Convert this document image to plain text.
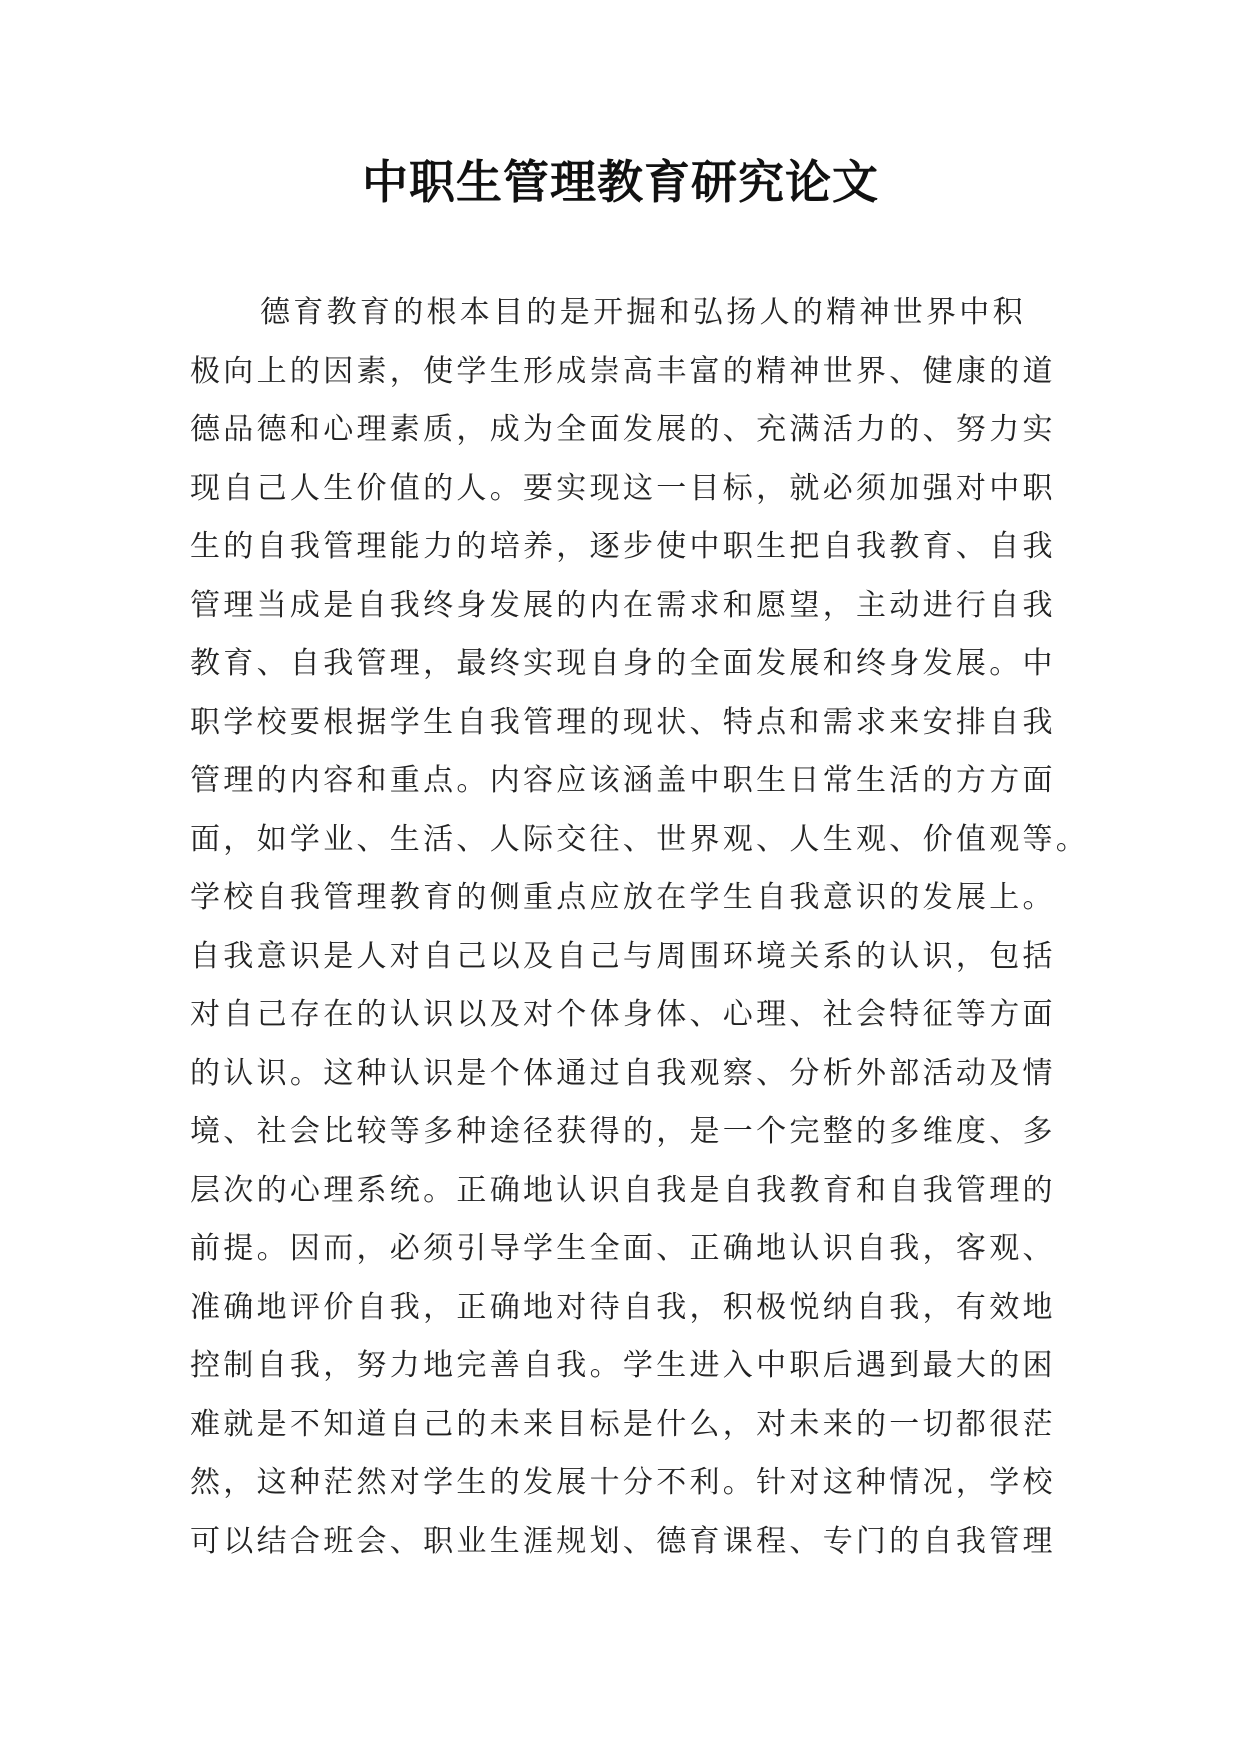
中职生管理教育研究论文
德育教育的根本目的是开掘和弘扬人的精神世界中积
极向上的因素，使学生形成崇高丰富的精神世界、健康的道
德品德和心理素质，成为全面发展的、充满活力的、努力实
现自己人生价值的人。要实现这一目标，就必须加强对中职
生的自我管理能力的培养，逐步使中职生把自我教育、自我
管理当成是自我终身发展的内在需求和愿望，主动进行自我
教育、自我管理，最终实现自身的全面发展和终身发展。中
职学校要根据学生自我管理的现状、特点和需求来安排自我
管理的内容和重点。内容应该涵盖中职生日常生活的方方面
面，如学业、生活、人际交往、世界观、人生观、价值观等。
学校自我管理教育的侧重点应放在学生自我意识的发展上。
自我意识是人对自己以及自己与周围环境关系的认识，包括
对自己存在的认识以及对个体身体、心理、社会特征等方面
的认识。这种认识是个体通过自我观察、分析外部活动及情
境、社会比较等多种途径获得的，是一个完整的多维度、多
层次的心理系统。正确地认识自我是自我教育和自我管理的
前提。因而，必须引导学生全面、正确地认识自我，客观、
准确地评价自我，正确地对待自我，积极悦纳自我，有效地
控制自我，努力地完善自我。学生进入中职后遇到最大的困
难就是不知道自己的未来目标是什么，对未来的一切都很茫
然，这种茫然对学生的发展十分不利。针对这种情况，学校
可以结合班会、职业生涯规划、德育课程、专门的自我管理
